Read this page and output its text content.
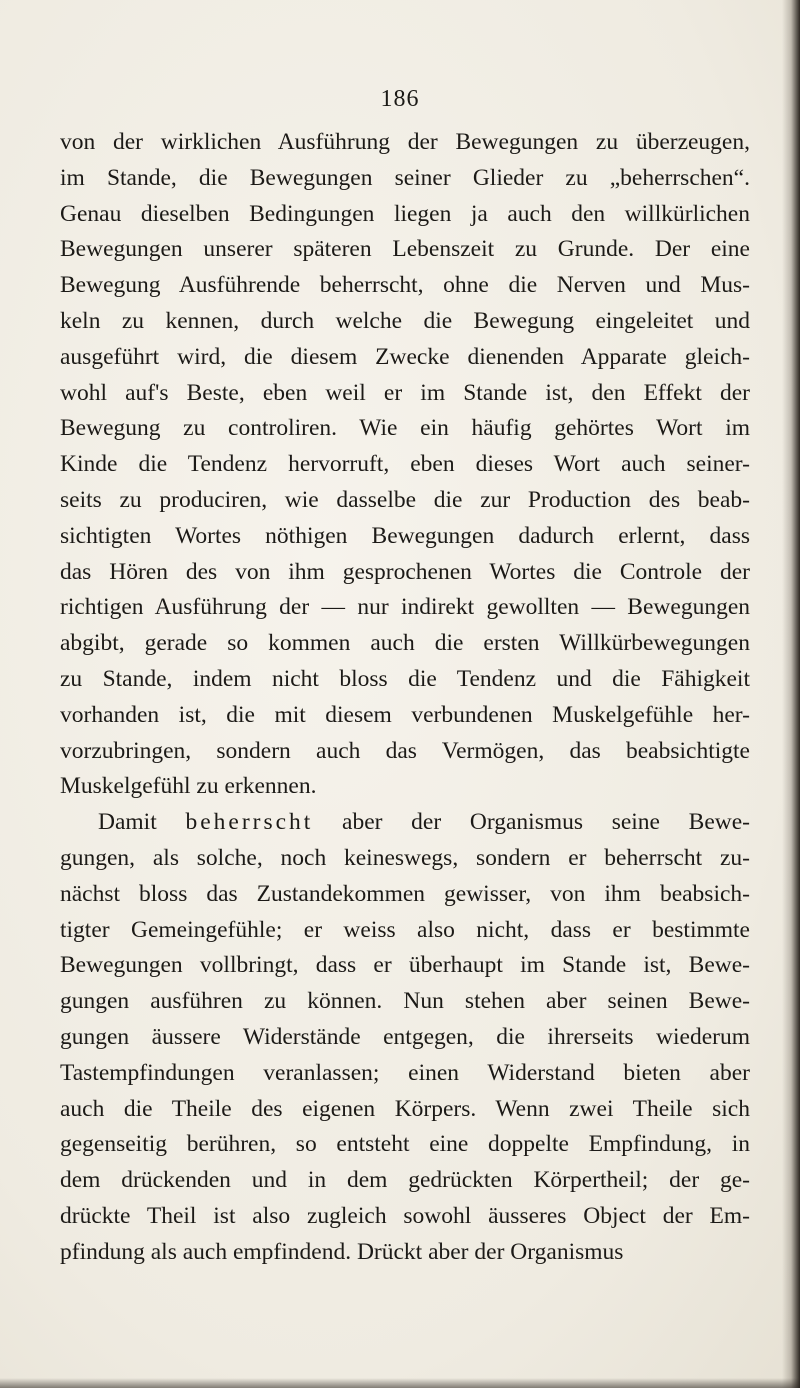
186
von der wirklichen Ausführung der Bewegungen zu überzeugen,
im Stande, die Bewegungen seiner Glieder zu „beherrschen“.
Genau dieselben Bedingungen liegen ja auch den willkürlichen
Bewegungen unserer späteren Lebenszeit zu Grunde. Der eine
Bewegung Ausführende beherrscht, ohne die Nerven und Mus-
keln zu kennen, durch welche die Bewegung eingeleitet und
ausgeführt wird, die diesem Zwecke dienenden Apparate gleich-
wohl auf's Beste, eben weil er im Stande ist, den Effekt der
Bewegung zu controliren. Wie ein häufig gehörtes Wort im
Kinde die Tendenz hervorruft, eben dieses Wort auch seiner-
seits zu produciren, wie dasselbe die zur Production des beab-
sichtigten Wortes nöthigen Bewegungen dadurch erlernt, dass
das Hören des von ihm gesprochenen Wortes die Controle der
richtigen Ausführung der — nur indirekt gewollten — Bewegungen
abgibt, gerade so kommen auch die ersten Willkürbewegungen
zu Stande, indem nicht bloss die Tendenz und die Fähigkeit
vorhanden ist, die mit diesem verbundenen Muskelgefühle her-
vorzubringen, sondern auch das Vermögen, das beabsichtigte
Muskelgefühl zu erkennen.
Damit beherrscht aber der Organismus seine Bewe-
gungen, als solche, noch keineswegs, sondern er beherrscht zu-
nächst bloss das Zustandekommen gewisser, von ihm beabsich-
tigter Gemeingefühle; er weiss also nicht, dass er bestimmte
Bewegungen vollbringt, dass er überhaupt im Stande ist, Bewe-
gungen ausführen zu können. Nun stehen aber seinen Bewe-
gungen äussere Widerstände entgegen, die ihrerseits wiederum
Tastempfindungen veranlassen; einen Widerstand bieten aber
auch die Theile des eigenen Körpers. Wenn zwei Theile sich
gegenseitig berühren, so entsteht eine doppelte Empfindung, in
dem drückenden und in dem gedrückten Körpertheil; der ge-
drückte Theil ist also zugleich sowohl äusseres Object der Em-
pfindung als auch empfindend. Drückt aber der Organismus
